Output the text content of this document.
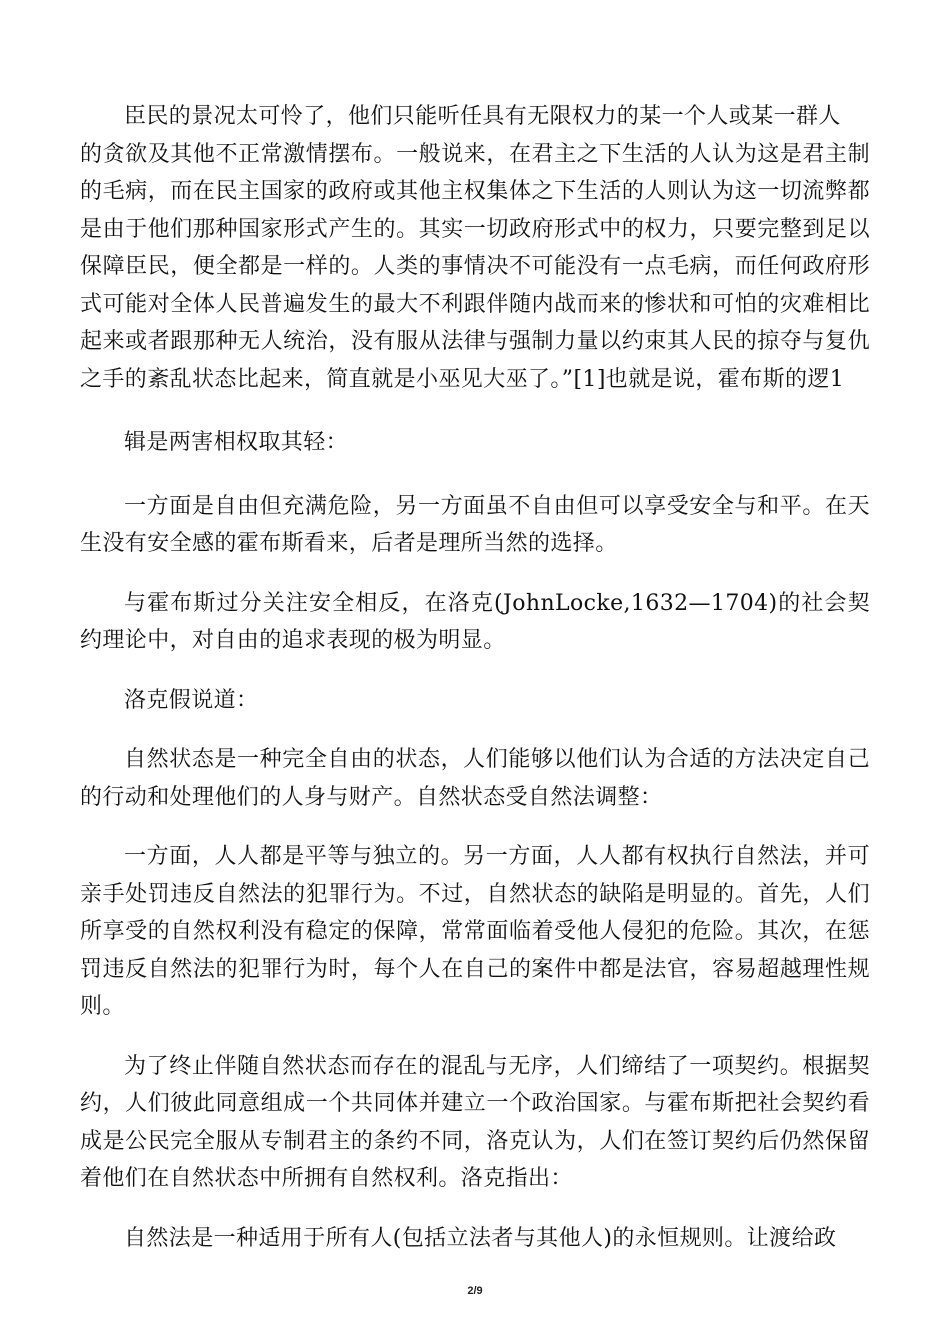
臣民的景况太可怜了，他们只能听任具有无限权力的某一个人或某一群人

的贪欲及其他不正常激情摆布。一般说来，在君主之下生活的人认为这是君主制的毛病，而在民主国家的政府或其他主权集体之下生活的人则认为这一切流弊都是由于他们那种国家形式产生的。其实一切政府形式中的权力，只要完整到足以保障臣民，便全都是一样的。人类的事情决不可能没有一点毛病，而任何政府形式可能对全体人民普遍发生的最大不利跟伴随内战而来的惨状和可怕的灾难相比起来或者跟那种无人统治，没有服从法律与强制力量以约束其人民的掠夺与复仇之手的紊乱状态比起来，简直就是小巫见大巫了。”[1]也就是说，霍布斯的逻1

辑是两害相权取其轻：

一方面是自由但充满危险，另一方面虽不自由但可以享受安全与和平。在天生没有安全感的霍布斯看来，后者是理所当然的选择。

与霍布斯过分关注安全相反，在洛克(JohnLocke,1632—1704)的社会契约理论中，对自由的追求表现的极为明显。

洛克假说道：

自然状态是一种完全自由的状态，人们能够以他们认为合适的方法决定自己的行动和处理他们的人身与财产。自然状态受自然法调整：

一方面，人人都是平等与独立的。另一方面，人人都有权执行自然法，并可亲手处罚违反自然法的犯罪行为。不过，自然状态的缺陷是明显的。首先，人们所享受的自然权利没有稳定的保障，常常面临着受他人侵犯的危险。其次，在惩罚违反自然法的犯罪行为时，每个人在自己的案件中都是法官，容易超越理性规则。

为了终止伴随自然状态而存在的混乱与无序，人们缔结了一项契约。根据契约，人们彼此同意组成一个共同体并建立一个政治国家。与霍布斯把社会契约看成是公民完全服从专制君主的条约不同，洛克认为，人们在签订契约后仍然保留着他们在自然状态中所拥有自然权利。洛克指出：

自然法是一种适用于所有人(包括立法者与其他人)的永恒规则。让渡给政

2/9
